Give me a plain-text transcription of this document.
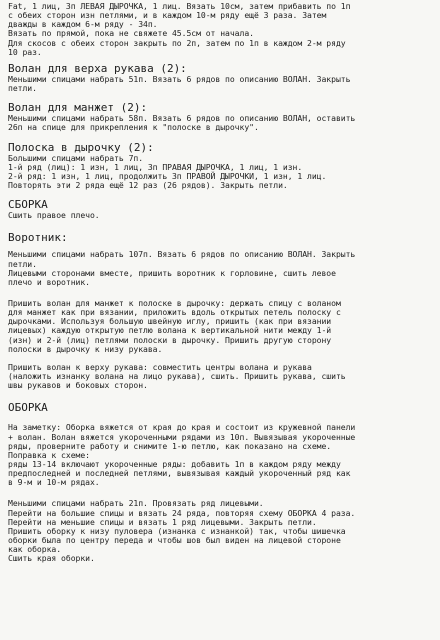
Fat, 1 лиц, 3п ЛЕВАЯ ДЫРОЧКА, 1 лиц. Вязать 10см, затем прибавить по 1п
с обеих сторон изн петлями, и в каждом 10-м ряду ещё 3 раза. Затем
дважды в каждом 6-м ряду - 34п.
Вязать по прямой, пока не свяжете 45.5см от начала.
Для скосов с обеих сторон закрыть по 2п, затем по 1п в каждом 2-м ряду
10 раз.

Волан для верха рукава (2):

Меньшими спицами набрать 51п. Вязать 6 рядов по описанию ВОЛАН. Закрыть
петли.

Волан для манжет (2):

Меньшими спицами набрать 58п. Вязать 6 рядов по описанию ВОЛАН, оставить
26п на спице для прикрепления к "полоске в дырочку".

Полоска в дырочку (2):

Большими спицами набрать 7п.
1-й ряд (лиц): 1 изн, 1 лиц, 3п ПРАВАЯ ДЫРОЧКА, 1 лиц, 1 изн.
2-й ряд: 1 изн, 1 лиц, продолжить 3п ПРАВОЙ ДЫРОЧКИ, 1 изн, 1 лиц.
Повторять эти 2 ряда ещё 12 раз (26 рядов). Закрыть петли.

СБОРКА

Сшить правое плечо.

Воротник:

Меньшими спицами набрать 107п. Вязать 6 рядов по описанию ВОЛАН. Закрыть
петли.

Лицевыми сторонами вместе, пришить воротник к горловине, сшить левое
плечо и воротник.

Пришить волан для манжет к полоске в дырочку: держать спицу с воланом
для манжет как при вязании, приложить вдоль открытых петель полоску с
дырочками. Используя большую швейную иглу, пришить (как при вязании
лицевых) каждую открытую петлю волана к вертикальной нити между 1-й
(изн) и 2-й (лиц) петлями полоски в дырочку. Пришить другую сторону
полоски в дырочку к низу рукава.

Пришить волан к верху рукава: совместить центры волана и рукава
(наложить изнанку волана на лицо рукава), сшить. Пришить рукава, сшить
швы рукавов и боковых сторон.

ОБОРКА

На заметку: Оборка вяжется от края до края и состоит из кружевной панели
+ волан. Волан вяжется укороченными рядами из 10п. Вывязывая укороченные
ряды, проверните работу и снимите 1-ю петлю, как показано на схеме.
Поправка к схеме:
ряды 13-14 включают укороченные ряды: добавить 1п в каждом ряду между
предпоследней и последней петлями, вывязывая каждый укороченный ряд как
в 9-м и 10-м рядах.

Меньшими спицами набрать 21п. Провязать ряд лицевыми.
Перейти на большие спицы и вязать 24 ряда, повторяя схему ОБОРКА 4 раза.
Перейти на меньшие спицы и вязать 1 ряд лицевыми. Закрыть петли.
Пришить оборку к низу пуловера (изнанка с изнанкой) так, чтобы шишечка
оборки была по центру переда и чтобы шов был виден на лицевой стороне
как оборка.
Сшить края оборки.
